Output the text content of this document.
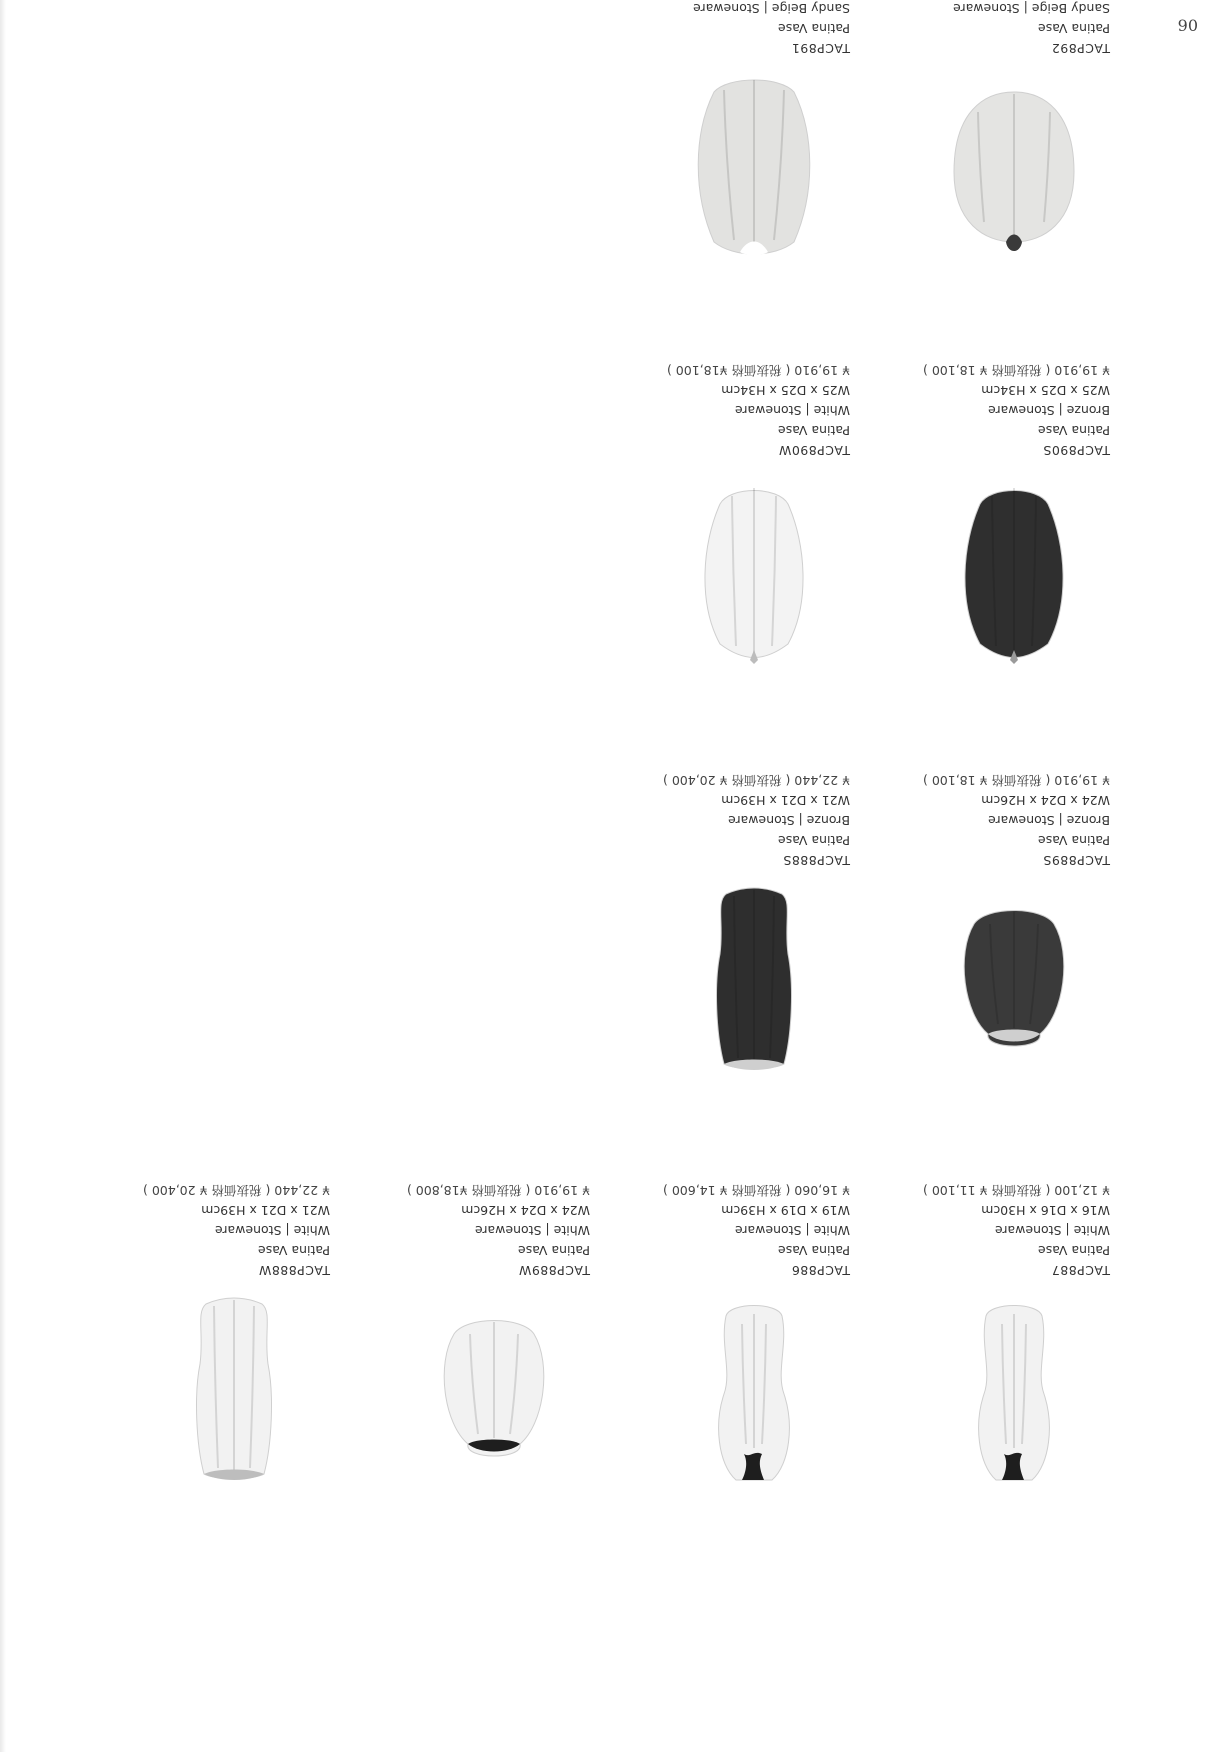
90

TACP887
Patina Vase
White | Stoneware
W16 x D16 x H30cm
¥ 12,100 ( 税抜価格 ¥ 11,100 )
TACP886
Patina Vase
White | Stoneware
W19 x D19 x H39cm
¥ 16,060 ( 税抜価格 ¥ 14,600 )
TACP889W
Patina Vase
White | Stoneware
W24 x D24 x H26cm
¥ 19,910 ( 税抜価格 ¥18,800 )
TACP888W
Patina Vase
White | Stoneware
W21 x D21 x H39cm
¥ 22,440 ( 税抜価格 ¥ 20,400 )
TACP889S
Patina Vase
Bronze | Stoneware
W24 x D24 x H26cm
¥ 19,910 ( 税抜価格 ¥ 18,100 )
TACP888S
Patina Vase
Bronze | Stoneware
W21 x D21 x H39cm
¥ 22,440 ( 税抜価格 ¥ 20,400 )
TACP890S
Patina Vase
Bronze | Stoneware
W25 x D25 x H34cm
¥ 19,910 ( 税抜価格 ¥ 18,100 )
TACP890W
Patina Vase
White | Stoneware
W25 x D25 x H34cm
¥ 19,910 ( 税抜価格 ¥18,100 )
TACP892
Patina Vase
Sandy Beige | Stoneware
TACP891
Patina Vase
Sandy Beige | Stoneware
